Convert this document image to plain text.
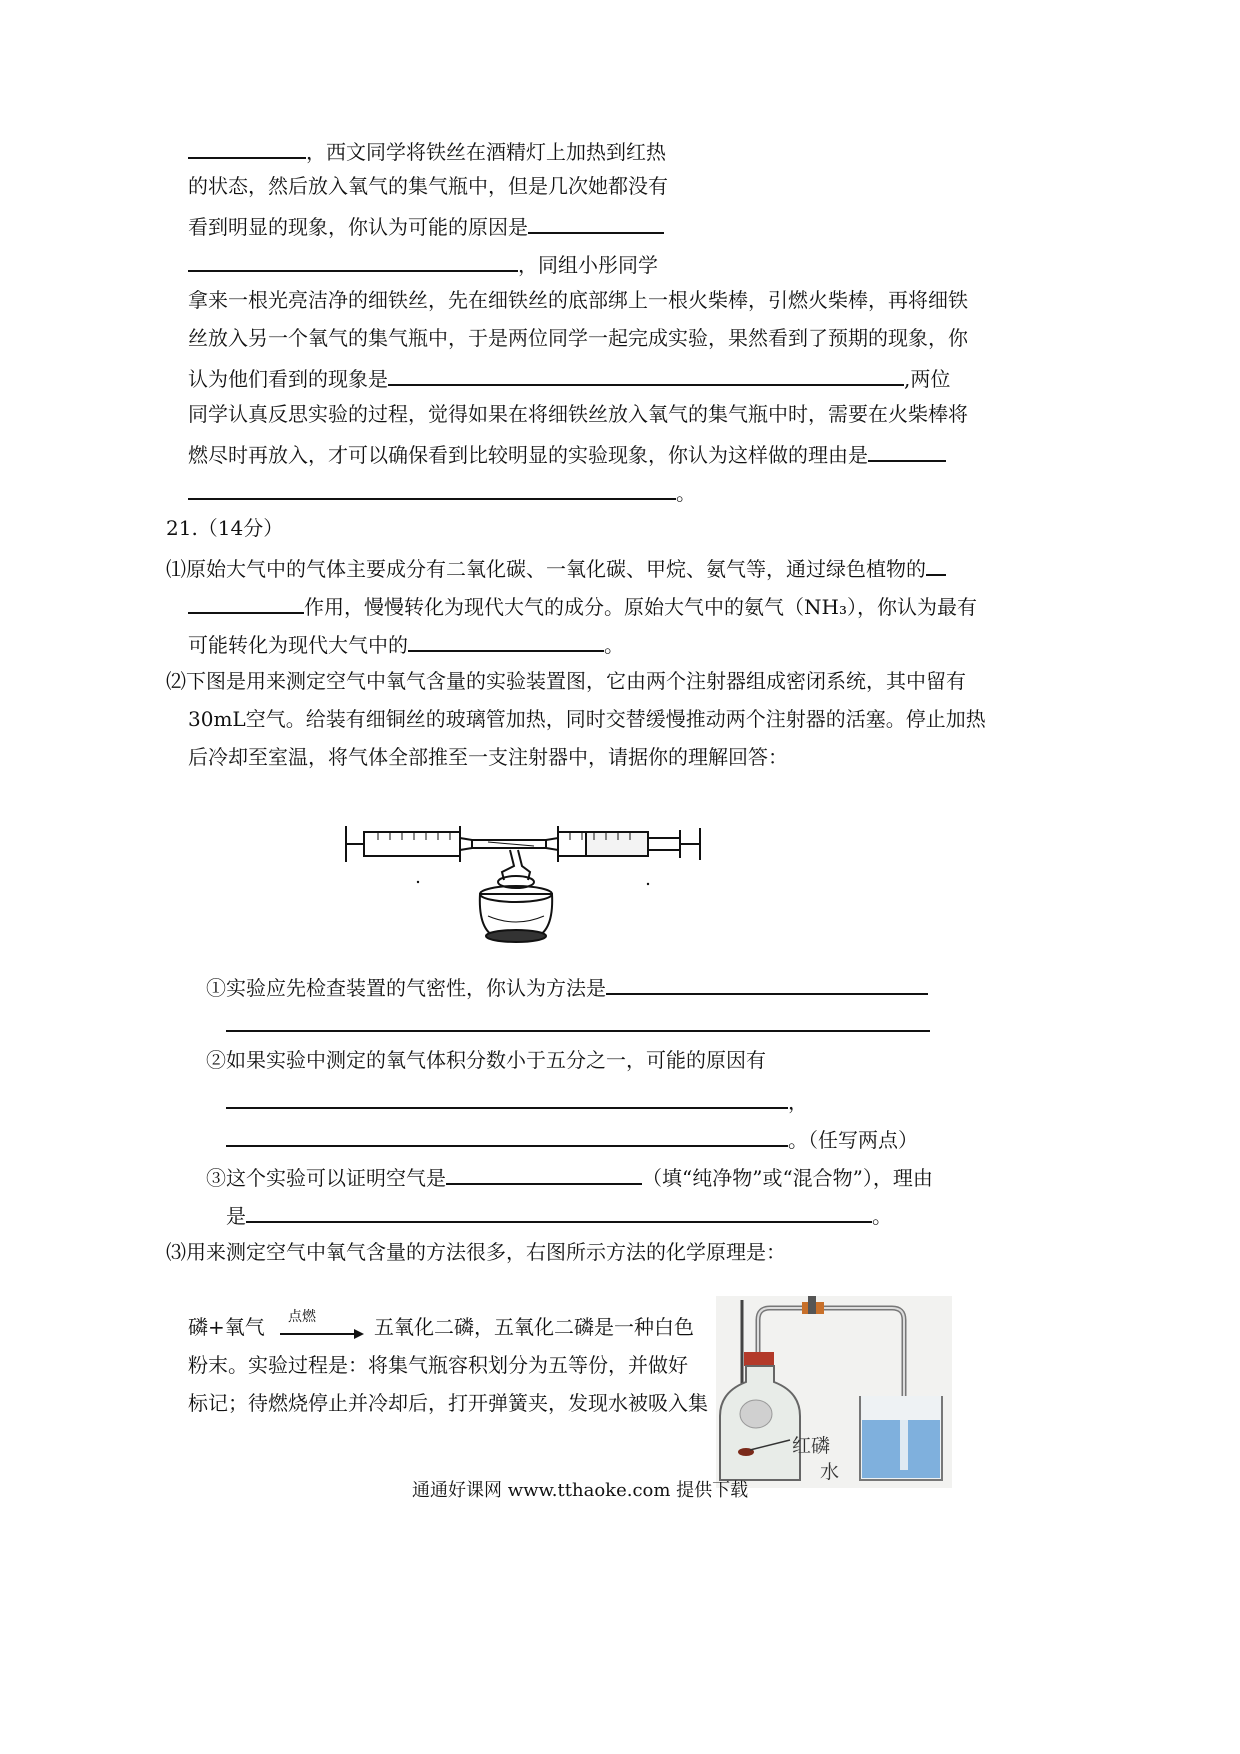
，西文同学将铁丝在酒精灯上加热到红热
的状态，然后放入氧气的集气瓶中，但是几次她都没有
看到明显的现象，你认为可能的原因是
，同组小彤同学
拿来一根光亮洁净的细铁丝，先在细铁丝的底部绑上一根火柴棒，引燃火柴棒，再将细铁
丝放入另一个氧气的集气瓶中，于是两位同学一起完成实验，果然看到了预期的现象，你
认为他们看到的现象是	,两位
同学认真反思实验的过程，觉得如果在将细铁丝放入氧气的集气瓶中时，需要在火柴棒将
燃尽时再放入，才可以确保看到比较明显的实验现象，你认为这样做的理由是
。
21.（14分）
⑴原始大气中的气体主要成分有二氧化碳、一氧化碳、甲烷、氨气等，通过绿色植物的
作用，慢慢转化为现代大气的成分。原始大气中的氨气（NH₃），你认为最有
可能转化为现代大气中的	。
⑵下图是用来测定空气中氧气含量的实验装置图，它由两个注射器组成密闭系统，其中留有
30mL空气。给装有细铜丝的玻璃管加热，同时交替缓慢推动两个注射器的活塞。停止加热
后冷却至室温，将气体全部推至一支注射器中，请据你的理解回答：
①实验应先检查装置的气密性，你认为方法是
②如果实验中测定的氧气体积分数小于五分之一，可能的原因有
，
。（任写两点）
③这个实验可以证明空气是	（填“纯净物”或“混合物”），理由
是	。
⑶用来测定空气中氧气含量的方法很多，右图所示方法的化学原理是：
磷+氧气 点燃	五氧化二磷，五氧化二磷是一种白色
粉末。实验过程是：将集气瓶容积划分为五等份，并做好
标记；待燃烧停止并冷却后，打开弹簧夹，发现水被吸入集
红磷
水
通通好课网 www.tthaoke.com 提供下载
